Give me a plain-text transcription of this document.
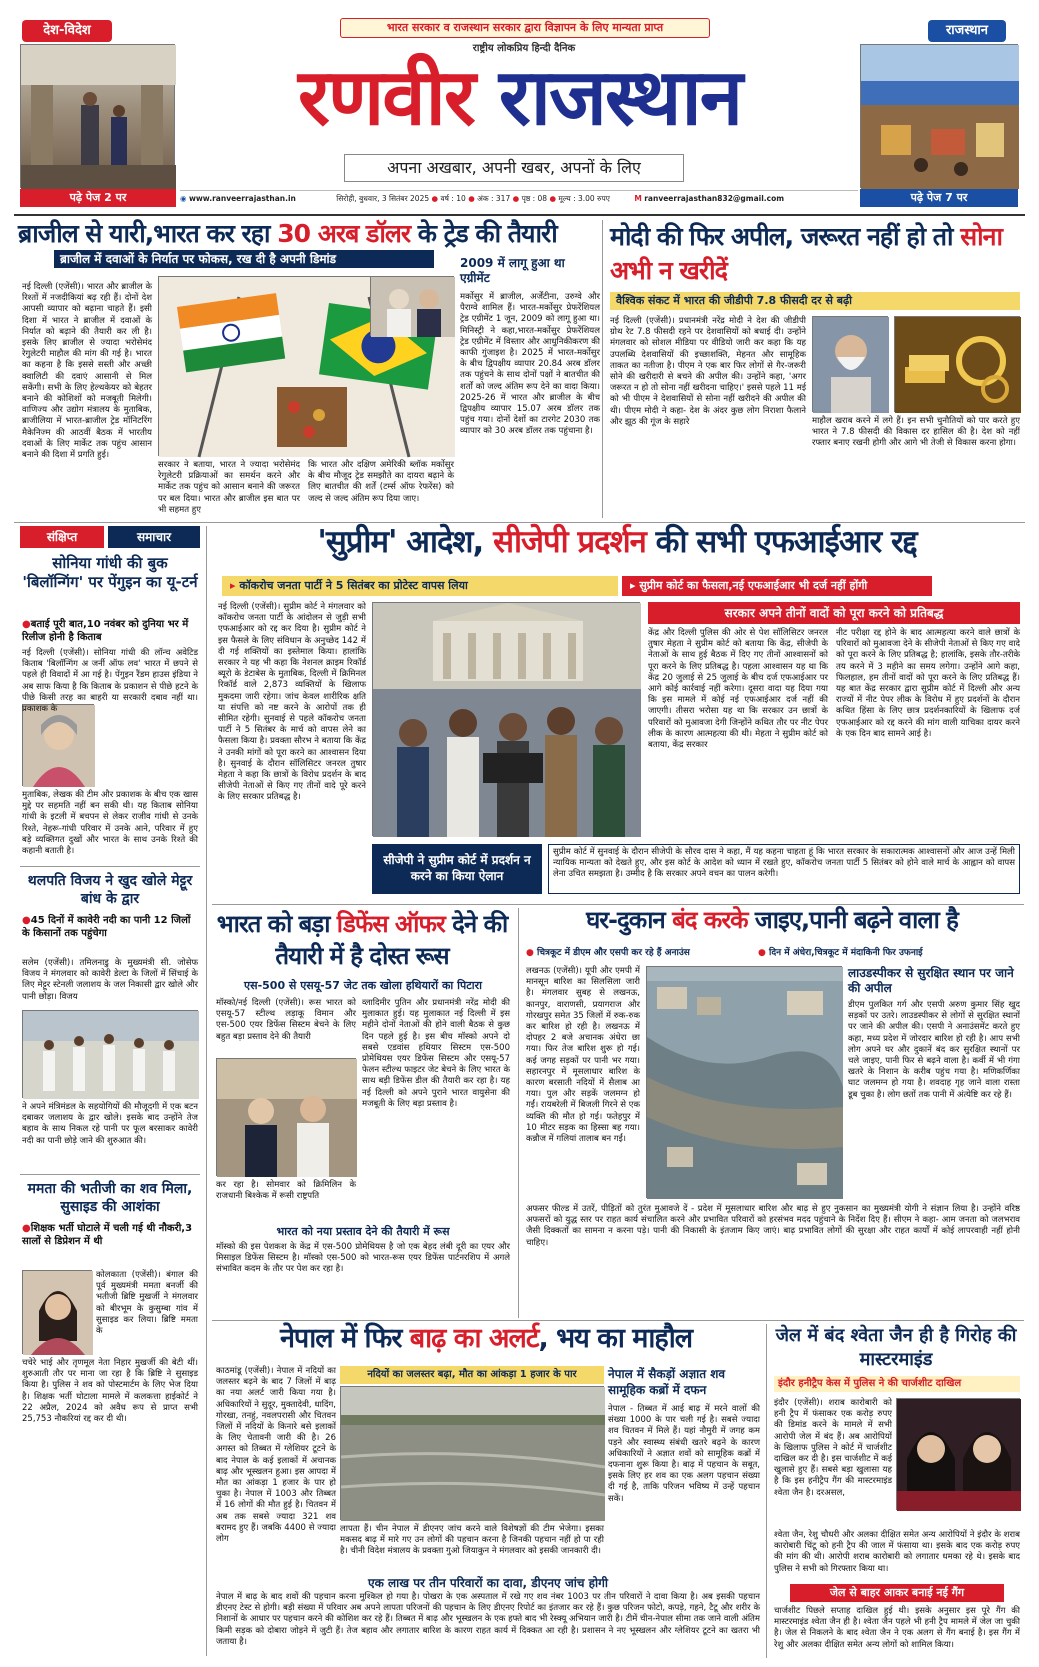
देश-विदेश	राजस्थान
भारत सरकार व राजस्थान सरकार द्वारा विज्ञापन के लिए मान्यता प्राप्त
राष्ट्रीय लोकप्रिय हिन्दी दैनिक
रणवीर राजस्थान
अपना अखबार, अपनी खबर, अपनों के लिए
पढ़े पेज 2 पर	पढ़े पेज 7 पर
◉ www.ranveerrajasthan.in	सिरोही, बुधवार, 3 सितंबर 2025 ● वर्ष : 10 ● अंक : 317 ● पृष्ठ : 08 ● मूल्य : 3.00 रुपए	M ranveerrajasthan832@gmail.com
ब्राजील से यारी,भारत कर रहा 30 अरब डॉलर के ट्रेड की तैयारी
ब्राजील में दवाओं के निर्यात पर फोकस, रख दी है अपनी डिमांड
नई दिल्ली (एजेंसी)। भारत और ब्राजील के रिश्तों में नजदीकियां बढ़ रही हैं। दोनों देश आपसी व्यापार को बढ़ाना चाहते हैं। इसी दिशा में भारत ने ब्राजील में दवाओं के निर्यात को बढ़ाने की तैयारी कर ली है। इसके लिए ब्राजील से ज्यादा भरोसेमंद रेगुलेटरी माहौल की मांग की गई है। भारत का कहना है कि इससे सस्ती और अच्छी क्वालिटी की दवाएं आसानी से मिल सकेंगी। सभी के लिए हेल्थकेयर को बेहतर बनाने की कोशिशों को मजबूती मिलेगी। वाणिज्य और उद्योग मंत्रालय के मुताबिक, ब्राजीलिया में भारत-ब्राजील ट्रेड मॉनिटरिंग मैकेनिज्म की आठवीं बैठक में भारतीय दवाओं के लिए मार्केट तक पहुंच आसान बनाने की दिशा में प्रगति हुई।
सरकार ने बताया, भारत ने ज्यादा भरोसेमंद रेगुलेटरी प्रक्रियाओं का समर्थन करने और मार्केट तक पहुंच को आसान बनाने की जरूरत पर बल दिया। भारत और ब्राजील इस बात पर भी सहमत हुए
कि भारत और दक्षिण अमेरिकी ब्लॉक मर्कोसुर के बीच मौजूद ट्रेड समझौते का दायरा बढ़ाने के लिए बातचीत की शर्तें (टर्म्स ऑफ रेफरेंस) को जल्द से जल्द अंतिम रूप दिया जाए।
2009 में लागू हुआ था एग्रीमेंट
मर्कोसुर में ब्राजील, अर्जेंटीना, उरुग्वे और पैराग्वे शामिल हैं। भारत-मर्कोसुर प्रेफरेंशियल ट्रेड एग्रीमेंट 1 जून, 2009 को लागू हुआ था। मिनिस्ट्री ने कहा,भारत-मर्कोसुर प्रेफरेंशियल ट्रेड एग्रीमेंट में विस्तार और आधुनिकीकरण की काफी गुंजाइश है। 2025 में भारत-मर्कोसुर के बीच द्विपक्षीय व्यापार 20.84 अरब डॉलर तक पहुंचने के साथ दोनों पक्षों ने बातचीत की शर्तों को जल्द अंतिम रूप देने का वादा किया। 2025-26 में भारत और ब्राजील के बीच द्विपक्षीय व्यापार 15.07 अरब डॉलर तक पहुंच गया। दोनों देशों का टारगेट 2030 तक व्यापार को 30 अरब डॉलर तक पहुंचाना है।
मोदी की फिर अपील, जरूरत नहीं हो तो सोना अभी न खरीदें
वैश्विक संकट में भारत की जीडीपी 7.8 फीसदी दर से बढ़ी
नई दिल्ली (एजेंसी)। प्रधानमंत्री नरेंद्र मोदी ने देश की जीडीपी ग्रोथ रेट 7.8 फीसदी रहने पर देशवासियों को बधाई दी। उन्होंने मंगलवार को सोशल मीडिया पर वीडियो जारी कर कहा कि यह उपलब्धि देशवासियों की इच्छाशक्ति, मेहनत और सामूहिक ताकत का नतीजा है। पीएम ने एक बार फिर लोगों से गैर-जरूरी सोने की खरीदारी से बचने की अपील की। उन्होंने कहा, 'अगर जरूरत न हो तो सोना नहीं खरीदना चाहिए।' इससे पहले 11 मई को भी पीएम ने देशवासियों से सोना नहीं खरीदने की अपील की थी। पीएम मोदी ने कहा- देश के अंदर कुछ लोग निराशा फैलाने और झूठ की गूंज के सहारे	माहौल खराब करने में लगे हैं। इन सभी चुनौतियों को पार करते हुए भारत ने 7.8 फीसदी की विकास दर हासिल की है। देश को नहीं रफ्तार बनाए रखनी होगी और आगे भी तेजी से विकास करना होगा।
संक्षिप्त	समाचार
सोनिया गांधी की बुक 'बिलॉन्गिंग' पर पेंगुइन का यू-टर्न
● बताई पूरी बात,10 नवंबर को दुनिया भर में रिलीज होनी है किताब
नई दिल्ली (एजेंसी)। सोनिया गांधी की लॉन्च अवेटिड किताब 'बिलॉन्गिंग अ जर्नी ऑफ लव' भारत में छपने से पहले ही विवादों में आ गई है। पेंगुइन रैंडम हाउस इंडिया ने अब साफ किया है कि किताब के प्रकाशन से पीछे हटने के पीछे किसी तरह का बाहरी या सरकारी दबाव नहीं था। प्रकाशक के
मुताबिक, लेखक की टीम और प्रकाशक के बीच एक खास मुद्दे पर सहमति नहीं बन सकी थी। यह किताब सोनिया गांधी के इटली में बचपन से लेकर राजीव गांधी से उनके रिश्ते, नेहरू-गांधी परिवार में उनके आने, परिवार में हुए बड़े व्यक्तिगत दुखों और भारत के साथ उनके रिश्ते की कहानी बताती है।
थलपति विजय ने खुद खोले मेट्टूर बांध के द्वार
● 45 दिनों में कावेरी नदी का पानी 12 जिलों के किसानों तक पहुंचेगा
सलेम (एजेंसी)। तमिलनाडु के मुख्यमंत्री सी. जोसेफ विजय ने मंगलवार को कावेरी डेल्टा के जिलों में सिंचाई के लिए मेट्टूर स्टेनली जलाशय के जल निकासी द्वार खोले और पानी छोड़ा। विजय
ने अपने मंत्रिमंडल के सहयोगियों की मौजूदगी में एक बटन दबाकर जलाशय के द्वार खोले। इसके बाद उन्होंने तेज बहाव के साथ निकल रहे पानी पर फूल बरसाकर कावेरी नदी का पानी छोड़े जाने की शुरुआत की।
ममता की भतीजी का शव मिला, सुसाइड की आशंका
● शिक्षक भर्ती घोटाले में चली गई थी नौकरी,3 सालों से डिप्रेशन में थी
कोलकाता (एजेंसी)। बंगाल की पूर्व मुख्यमंत्री ममता बनर्जी की भतीजी ब्रिष्टि मुखर्जी ने मंगलवार को बीरभूम के कुसुम्बा गांव में सुसाइड कर लिया। ब्रिष्टि ममता के
चचेरे भाई और तृणमूल नेता निहार मुखर्जी की बेटी थीं। शुरुआती तौर पर माना जा रहा है कि ब्रिष्टि ने सुसाइड किया है। पुलिस ने शव को पोस्टमार्टम के लिए भेज दिया है। शिक्षक भर्ती घोटाला मामले में कलकत्ता हाईकोर्ट ने 22 अप्रैल, 2024 को अवैध रूप से प्राप्त सभी 25,753 नौकरियां रद्द कर दी थी।
'सुप्रीम' आदेश, सीजेपी प्रदर्शन की सभी एफआईआर रद्द
▸ कॉकरोच जनता पार्टी ने 5 सितंबर का प्रोटेस्ट वापस लिया	▸ सुप्रीम कोर्ट का फैसला,नई एफआईआर भी दर्ज नहीं होंगी
नई दिल्ली (एजेंसी)। सुप्रीम कोर्ट ने मंगलवार को कॉकरोच जनता पार्टी के आंदोलन से जुड़ी सभी एफआईआर को रद्द कर दिया है। सुप्रीम कोर्ट ने इस फैसले के लिए संविधान के अनुच्छेद 142 में दी गई शक्तियों का इस्तेमाल किया। हालांकि सरकार ने यह भी कहा कि नेशनल क्राइम रिकॉर्ड ब्यूरो के डेटाबेस के मुताबिक, दिल्ली में क्रिमिनल रिकॉर्ड वाले 2,873 व्यक्तियों के खिलाफ मुकदमा जारी रहेगा। जांच केवल शारीरिक क्षति या संपत्ति को नष्ट करने के आरोपों तक ही सीमित रहेगी। सुनवाई से पहले कॉकरोच जनता पार्टी ने 5 सितंबर के मार्च को वापस लेने का फैसला किया है। प्रवक्ता सौरभ ने बताया कि केंद्र ने उनकी मांगों को पूरा करने का आश्वासन दिया है। सुनवाई के दौरान सॉलिसिटर जनरल तुषार मेहता ने कहा कि छात्रों के विरोध प्रदर्शन के बाद सीजेपी नेताओं से किए गए तीनों वादे पूरे करने के लिए सरकार प्रतिबद्ध है।
सरकार अपने तीनों वादों को पूरा करने को प्रतिबद्ध
केंद्र और दिल्ली पुलिस की ओर से पेश सॉलिसिटर जनरल तुषार मेहता ने सुप्रीम कोर्ट को बताया कि केंद्र, सीजेपी के नेताओं के साथ हुई बैठक में दिए गए तीनों आश्वासनों को पूरा करने के लिए प्रतिबद्ध है। पहला आश्वासन यह था कि केंद्र 20 जुलाई से 25 जुलाई के बीच दर्ज एफआईआर पर आगे कोई कार्रवाई नहीं करेगा। दूसरा वादा यह दिया गया कि इस मामले में कोई नई एफआईआर दर्ज नहीं की जाएगी। तीसरा भरोसा यह था कि सरकार उन छात्रों के परिवारों को मुआवजा देगी जिन्होंने कथित तौर पर नीट पेपर लीक के कारण आत्महत्या की थी। मेहता ने सुप्रीम कोर्ट को बताया, केंद्र सरकार
नीट परीक्षा रद्द होने के बाद आत्महत्या करने वाले छात्रों के परिवारों को मुआवजा देने के सीजेपी नेताओं से किए गए वादे को पूरा करने के लिए प्रतिबद्ध है; हालांकि, इसके तौर-तरीके तय करने में 3 महीने का समय लगेगा। उन्होंने आगे कहा, फिलहाल, हम तीनों वादों को पूरा करने के लिए प्रतिबद्ध हैं। यह बात केंद्र सरकार द्वारा सुप्रीम कोर्ट में दिल्ली और अन्य राज्यों में नीट पेपर लीक के विरोध में हुए प्रदर्शनों के दौरान कथित हिंसा के लिए छात्र प्रदर्शनकारियों के खिलाफ दर्ज एफआईआर को रद्द करने की मांग वाली याचिका दायर करने के एक दिन बाद सामने आई है।
सीजेपी ने सुप्रीम कोर्ट में प्रदर्शन न करने का किया ऐलान
सुप्रीम कोर्ट में सुनवाई के दौरान सीजेपी के सौरव दास ने कहा, मैं यह कहना चाहता हूं कि भारत सरकार के सकारात्मक आश्वासनों और आज उन्हें मिली न्यायिक मान्यता को देखते हुए, और इस कोर्ट के आदेश को ध्यान में रखते हुए, कॉकरोच जनता पार्टी 5 सितंबर को होने वाले मार्च के आह्वान को वापस लेना उचित समझता है। उम्मीद है कि सरकार अपने वचन का पालन करेगी।
भारत को बड़ा डिफेंस ऑफर देने की तैयारी में है दोस्त रूस
एस-500 से एसयू-57 जेट तक खोला हथियारों का पिटारा
मॉस्को/नई दिल्ली (एजेंसी)। रूस भारत को एसयू-57 स्टील्थ लड़ाकू विमान और एस-500 एयर डिफेंस सिस्टम बेचने के लिए बहुत बड़ा प्रस्ताव देने की तैयारी
कर रहा है। सोमवार को क्रिमिलिन के राजधानी बिश्केक में रूसी राष्ट्रपति
व्लादिमीर पुतिन और प्रधानमंत्री नरेंद्र मोदी की मुलाकात हुई। यह मुलाकात नई दिल्ली में इस महीने दोनों नेताओं की होने वाली बैठक से कुछ दिन पहले हुई है। इस बीच मॉस्को अपने दो सबसे एडवांस हथियार सिस्टम एस-500 प्रोमेथियस एयर डिफेंस सिस्टम और एसयू-57 फेलन स्टील्थ फाइटर जेट बेचने के लिए भारत के साथ बड़ी डिफेंस डील की तैयारी कर रहा है। यह नई दिल्ली को अपने पुराने भारत वायुसेना की मजबूती के लिए बड़ा प्रस्ताव है।
भारत को नया प्रस्ताव देने की तैयारी में रूस
मॉस्को की इस पेशकश के केंद्र में एस-500 प्रोमेथियस है जो एक बेहद लंबी दूरी का एयर और मिसाइल डिफेंस सिस्टम है। मॉस्को एस-500 को भारत-रूस एयर डिफेंस पार्टनरशिप में अगले संभावित कदम के तौर पर पेश कर रहा है।
घर-दुकान बंद करके जाइए,पानी बढ़ने वाला है
● चित्रकूट में डीएम और एसपी कर रहे हैं अनाउंस	● दिन में अंधेरा,चित्रकूट में मंदाकिनी फिर उफनाई
लखनऊ (एजेंसी)। यूपी और एमपी में मानसून बारिश का सिलसिला जारी है। मंगलवार सुबह से लखनऊ, कानपुर, वाराणसी, प्रयागराज और गोरखपुर समेत 35 जिलों में रुक-रुक कर बारिश हो रही है। लखनऊ में दोपहर 2 बजे अचानक अंधेरा छा गया। फिर तेज बारिश शुरू हो गई। कई जगह सड़कों पर पानी भर गया। सहारनपुर में मूसलाधार बारिश के कारण बरसाती नदियों में सैलाब आ गया। पुल और सड़कें जलमग्न हो गईं। रायबरेली में बिजली गिरने से एक व्यक्ति की मौत हो गई। फतेहपुर में 10 मीटर सड़क का हिस्सा बह गया। कन्नौज में गलियां तालाब बन गईं।
लाउडस्पीकर से सुरक्षित स्थान पर जाने की अपील
डीएम पुलकित गर्ग और एसपी अरुण कुमार सिंह खुद सड़कों पर उतरे। लाउडस्पीकर से लोगों से सुरक्षित स्थानों पर जाने की अपील की। एसपी ने अनाउंसमेंट करते हुए कहा, मध्य प्रदेश में जोरदार बारिश हो रही है। आप सभी लोग अपने घर और दुकानें बंद कर सुरक्षित स्थानों पर चले जाइए, पानी फिर से बढ़ने वाला है। कर्वी में भी गंगा खतरे के निशान के करीब पहुंच गया है। मणिकर्णिका घाट जलमग्न हो गया है। शवदाह गृह जाने वाला रास्ता डूब चुका है। लोग छतों तक पानी में अंत्येष्टि कर रहे हैं।
अफसर फील्ड में उतरें, पीड़ितों को तुरंत मुआवजे दें - प्रदेश में मूसलाधार बारिश और बाढ़ से हुए नुकसान का मुख्यमंत्री योगी ने संज्ञान लिया है। उन्होंने वरिष्ठ अफसरों को युद्ध स्तर पर राहत कार्य संचालित करने और प्रभावित परिवारों को हरसंभव मदद पहुंचाने के निर्देश दिए हैं। सीएम ने कहा- आम जनता को जलभराव जैसी दिक्कतों का सामना न करना पड़े। पानी की निकासी के इंतजाम किए जाएं। बाढ़ प्रभावित लोगों की सुरक्षा और राहत कार्यों में कोई लापरवाही नहीं होनी चाहिए।
नेपाल में फिर बाढ़ का अलर्ट, भय का माहौल
काठमांडू (एजेंसी)। नेपाल में नदियों का जलस्तर बढ़ने के बाद 7 जिलों में बाढ़ का नया अलर्ट जारी किया गया है। अधिकारियों ने सुदूर, मुक्तादेवी, धादिंग, गोरखा, तनहुं, नवलपरासी और चितवन जिलों में नदियों के किनारे बसे इलाकों के लिए चेतावनी जारी की है। 26 अगस्त को तिब्बत में ग्लेशियर टूटने के बाद नेपाल के कई इलाकों में अचानक बाढ़ और भूस्खलन हुआ। इस आपदा में मौत का आंकड़ा 1 हजार के पार हो चुका है। नेपाल में 1003 और तिब्बत में 16 लोगों की मौत हुई है। चितवन में अब तक सबसे ज्यादा 321 शव बरामद हुए हैं। जबकि 4400 से ज्यादा लोग
नदियों का जलस्तर बढ़ा, मौत का आंकड़ा 1 हजार के पार
लापता हैं। चीन नेपाल में डीएनए जांच करने वाले विशेषज्ञों की टीम भेजेगा। इसका मकसद बाढ़ में मारे गए उन लोगों की पहचान करना है जिनकी पहचान नहीं हो पा रही है। चीनी विदेश मंत्रालय के प्रवक्ता गुओ जियाकुन ने मंगलवार को इसकी जानकारी दी।
नेपाल में सैकड़ों अज्ञात शव सामूहिक कब्रों में दफन
नेपाल - तिब्बत में आई बाढ़ में मरने वालों की संख्या 1000 के पार चली गई है। सबसे ज्यादा शव चितवन में मिले हैं। यहां नौमुरी में जगह कम पड़ने और स्वास्थ्य संबंधी खतरे बढ़ने के कारण अधिकारियों ने अज्ञात शवों को सामूहिक कब्रों में दफनाना शुरू किया है। बाढ़ में पहचान के सबूत, इसके लिए हर शव का एक अलग पहचान संख्या दी गई है, ताकि परिजन भविष्य में उन्हें पहचान सकें।
एक लाख पर तीन परिवारों का दावा, डीएनए जांच होगी
नेपाल में बाढ़ के बाद शवों की पहचान करना मुश्किल हो गया है। पोखरा के एक अस्पताल में रखे गए शव नंबर 1003 पर तीन परिवारों ने दावा किया है। अब इसकी पहचान डीएनए टेस्ट से होगी। बड़ी संख्या में परिवार अब अपने लापता परिजनों की पहचान के लिए डीएनए रिपोर्ट का इंतजार कर रहे हैं। कुछ परिजन फोटो, कपड़े, गहने, टैटू और शरीर के निशानों के आधार पर पहचान करने की कोशिश कर रहे हैं। तिब्बत में बाढ़ और भूस्खलन के एक हफ्ते बाद भी रेस्क्यू अभियान जारी है। टीमें चीन-नेपाल सीमा तक जाने वाली अंतिम किमी सड़क को दोबारा जोड़ने में जुटी हैं। तेज बहाव और लगातार बारिश के कारण राहत कार्य में दिक्कत आ रही है। प्रशासन ने नए भूस्खलन और ग्लेशियर टूटने का खतरा भी जताया है।
जेल में बंद श्वेता जैन ही है गिरोह की मास्टरमाइंड
इंदौर हनीट्रैप केस में पुलिस ने की चार्जशीट दाखिल
इंदौर (एजेंसी)। शराब कारोबारी को हनी ट्रैप में फंसाकर एक करोड़ रुपए की डिमांड करने के मामले में सभी आरोपी जेल में बंद हैं। अब आरोपियों के खिलाफ पुलिस ने कोर्ट में चार्जशीट दाखिल कर दी है। इस चार्जशीट में कई खुलासे हुए हैं। सबसे बड़ा खुलासा यह है कि इस हनीट्रैप गैंग की मास्टरमाइंड श्वेता जैन है। दरअसल,
श्वेता जैन, रेशु चौधरी और अलका दीक्षित समेत अन्य आरोपियों ने इंदौर के शराब कारोबारी चिंटू को हनी ट्रैप की जाल में फंसाया था। इसके बाद एक करोड़ रुपए की मांग की थी। आरोपी शराब कारोबारी को लगातार धमका रहे थे। इसके बाद पुलिस ने सभी को गिरफ्तार किया था।
जेल से बाहर आकर बनाई नई गैंग
चार्जशीट पिछले सप्ताह दाखिल हुई थी। इसके अनुसार इस पूरे गैंग की मास्टरमाइंड श्वेता जैन ही है। श्वेता जैन पहले भी हनी ट्रैप मामले में जेल जा चुकी है। जेल से निकलने के बाद श्वेता जैन ने एक अलग से गैंग बनाई है। इस गैंग में रेशु और अलका दीक्षित समेत अन्य लोगों को शामिल किया।
